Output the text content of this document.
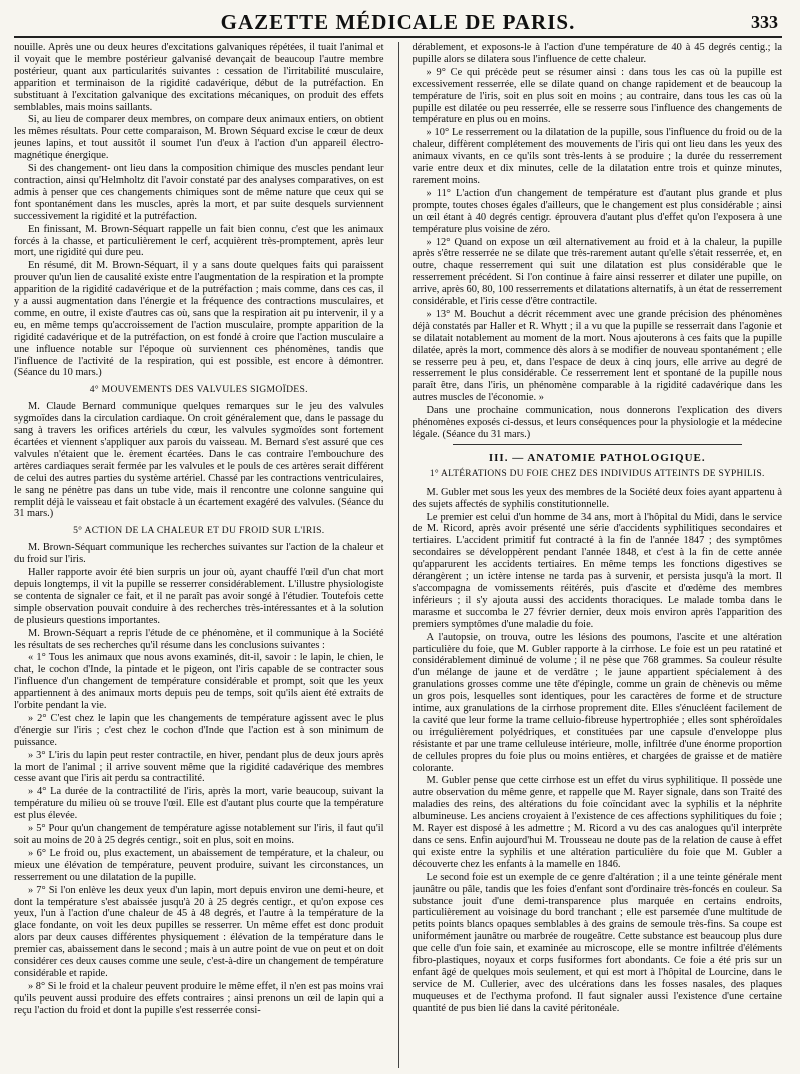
GAZETTE MÉDICALE DE PARIS.	333

nouille. Après une ou deux heures d'excitations galvaniques répétées, il tuait l'animal et il voyait que le membre postérieur galvanisé devançait de beaucoup l'autre membre postérieur, quant aux particularités suivantes : cessation de l'irritabilité musculaire, apparition et terminaison de la rigidité cadavérique, début de la putréfaction. En substituant à l'excitation galvanique des excitations mécaniques, on produit des effets semblables, mais moins saillants.

Si, au lieu de comparer deux membres, on compare deux animaux entiers, on obtient les mêmes résultats. Pour cette comparaison, M. Brown Séquard excise le cœur de deux jeunes lapins, et tout aussitôt il soumet l'un d'eux à l'action d'un appareil électro-magnétique énergique.

Si des changement- ont lieu dans la composition chimique des muscles pendant leur contraction, ainsi qu'Helmholtz dit l'avoir constaté par des analyses comparatives, on est admis à penser que ces changements chimiques sont de même nature que ceux qui se font spontanément dans les muscles, après la mort, et par suite desquels surviennent successivement la rigidité et la putréfaction.

En finissant, M. Brown-Séquart rappelle un fait bien connu, c'est que les animaux forcés à la chasse, et particulièrement le cerf, acquièrent très-promptement, après leur mort, une rigidité qui dure peu.

En résumé, dit M. Brown-Séquart, il y a sans doute quelques faits qui paraissent prouver qu'un lien de causalité existe entre l'augmentation de la respiration et la prompte apparition de la rigidité cadavérique et de la putréfaction ; mais comme, dans ces cas, il y a aussi augmentation dans l'énergie et la fréquence des contractions musculaires, et comme, en outre, il existe d'autres cas où, sans que la respiration ait pu intervenir, il y a eu, en même temps qu'accroissement de l'action musculaire, prompte apparition de la rigidité cadavérique et de la putréfaction, on est fondé à croire que l'action musculaire a une influence notable sur l'époque où surviennent ces phénomènes, tandis que l'influence de l'activité de la respiration, qui est possible, est encore à démontrer. (Séance du 10 mars.)

4° MOUVEMENTS DES VALVULES SIGMOÏDES.

M. Claude Bernard communique quelques remarques sur le jeu des valvules sygmoïdes dans la circulation cardiaque. On croit généralement que, dans le passage du sang à travers les orifices artériels du cœur, les valvules sygmoïdes sont fortement écartées et viennent s'appliquer aux parois du vaisseau. M. Bernard s'est assuré que ces valvules n'étaient que le. èrement écartées. Dans le cas contraire l'embouchure des artères cardiaques serait fermée par les valvules et le pouls de ces artères serait différent de celui des autres parties du système artériel. Chassé par les contractions ventriculaires, le sang ne pénètre pas dans un tube vide, mais il rencontre une colonne sanguine qui remplit déjà le vaisseau et fait obstacle à un écartement exagéré des valvules. (Séance du 31 mars.)

5° ACTION DE LA CHALEUR ET DU FROID SUR L'IRIS.

M. Brown-Séquart communique les recherches suivantes sur l'action de la chaleur et du froid sur l'iris.

Haller rapporte avoir été bien surpris un jour où, ayant chauffé l'œil d'un chat mort depuis longtemps, il vit la pupille se resserrer considérablement. L'illustre physiologiste se contenta de signaler ce fait, et il ne paraît pas avoir songé à l'étudier. Toutefois cette simple observation pouvait conduire à des recherches très-intéressantes et à la solution de plusieurs questions importantes.

M. Brown-Séquart a repris l'étude de ce phénomène, et il communique à la Société les résultats de ses recherches qu'il résume dans les conclusions suivantes :

« 1° Tous les animaux que nous avons examinés, dit-il, savoir : le lapin, le chien, le chat, le cochon d'Inde, la pintade et le pigeon, ont l'iris capable de se contracter sous l'influence d'un changement de température considérable et prompt, soit que les yeux appartiennent à des animaux morts depuis peu de temps, soit qu'ils aient été extraits de l'orbite pendant la vie.

» 2° C'est chez le lapin que les changements de température agissent avec le plus d'énergie sur l'iris ; c'est chez le cochon d'Inde que l'action est à son minimum de puissance.

» 3° L'iris du lapin peut rester contractile, en hiver, pendant plus de deux jours après la mort de l'animal ; il arrive souvent même que la rigidité cadavérique des membres cesse avant que l'iris ait perdu sa contractilité.

» 4° La durée de la contractilité de l'iris, après la mort, varie beaucoup, suivant la température du milieu où se trouve l'œil. Elle est d'autant plus courte que la température est plus élevée.

» 5° Pour qu'un changement de température agisse notablement sur l'iris, il faut qu'il soit au moins de 20 à 25 degrés centigr., soit en plus, soit en moins.

» 6° Le froid ou, plus exactement, un abaissement de température, et la chaleur, ou mieux une élévation de température, peuvent produire, suivant les circonstances, un resserrement ou une dilatation de la pupille.

» 7° Si l'on enlève les deux yeux d'un lapin, mort depuis environ une demi-heure, et dont la température s'est abaissée jusqu'à 20 à 25 degrés centigr., et qu'on expose ces yeux, l'un à l'action d'une chaleur de 45 à 48 degrés, et l'autre à la température de la glace fondante, on voit les deux pupilles se resserrer. Un même effet est donc produit alors par deux causes différentes physiquement : élévation de la température dans le premier cas, abaissement dans le second ; mais à un autre point de vue on peut et on doit considérer ces deux causes comme une seule, c'est-à-dire un changement de température considérable et rapide.

» 8° Si le froid et la chaleur peuvent produire le même effet, il n'en est pas moins vrai qu'ils peuvent aussi produire des effets contraires ; ainsi prenons un œil de lapin qui a reçu l'action du froid et dont la pupille s'est resserrée consi-

dérablement, et exposons-le à l'action d'une température de 40 à 45 degrés centig.; la pupille alors se dilatera sous l'influence de cette chaleur.

» 9° Ce qui précède peut se résumer ainsi : dans tous les cas où la pupille est excessivement resserrée, elle se dilate quand on change rapidement et de beaucoup la température de l'iris, soit en plus soit en moins ; au contraire, dans tous les cas où la pupille est dilatée ou peu resserrée, elle se resserre sous l'influence des changements de température en plus ou en moins.

» 10° Le resserrement ou la dilatation de la pupille, sous l'influence du froid ou de la chaleur, diffèrent complétement des mouvements de l'iris qui ont lieu dans les yeux des animaux vivants, en ce qu'ils sont très-lents à se produire ; la durée du resserrement varie entre deux et dix minutes, celle de la dilatation entre trois et quinze minutes, rarement moins.

» 11° L'action d'un changement de température est d'autant plus grande et plus prompte, toutes choses égales d'ailleurs, que le changement est plus considérable ; ainsi un œil étant à 40 degrés centigr. éprouvera d'autant plus d'effet qu'on l'exposera à une température plus voisine de zéro.

» 12° Quand on expose un œil alternativement au froid et à la chaleur, la pupille après s'être resserrée ne se dilate que très-rarement autant qu'elle s'était resserrée, et, en outre, chaque resserrement qui suit une dilatation est plus considérable que le resserrement précédent. Si l'on continue à faire ainsi resserrer et dilater une pupille, on arrive, après 60, 80, 100 resserrements et dilatations alternatifs, à un état de resserrement considérable, et l'iris cesse d'être contractile.

» 13° M. Bouchut a décrit récemment avec une grande précision des phénomènes déjà constatés par Haller et R. Whytt ; il a vu que la pupille se resserrait dans l'agonie et se dilatait notablement au moment de la mort. Nous ajouterons à ces faits que la pupille dilatée, après la mort, commence dès alors à se modifier de nouveau spontanément ; elle se resserre peu à peu, et, dans l'espace de deux à cinq jours, elle arrive au degré de resserrement le plus considérable. Ce resserrement lent et spontané de la pupille nous paraît être, dans l'iris, un phénomène comparable à la rigidité cadavérique dans les autres muscles de l'économie. »

Dans une prochaine communication, nous donnerons l'explication des divers phénomènes exposés ci-dessus, et leurs conséquences pour la physiologie et la médecine légale. (Séance du 31 mars.)

III. — ANATOMIE PATHOLOGIQUE.
1° ALTÉRATIONS DU FOIE CHEZ DES INDIVIDUS ATTEINTS DE SYPHILIS.

M. Gubler met sous les yeux des membres de la Société deux foies ayant appartenu à des sujets affectés de syphilis constitutionnelle.

Le premier est celui d'un homme de 34 ans, mort à l'hôpital du Midi, dans le service de M. Ricord, après avoir présenté une série d'accidents syphilitiques secondaires et tertiaires. L'accident primitif fut contracté à la fin de l'année 1847 ; des symptômes secondaires se développèrent pendant l'année 1848, et c'est à la fin de cette année qu'apparurent les accidents tertiaires. En même temps les fonctions digestives se dérangèrent ; un ictère intense ne tarda pas à survenir, et persista jusqu'à la mort. Il s'accompagna de vomissements réitérés, puis d'ascite et d'œdème des membres inférieurs ; il s'y ajouta aussi des accidents thoraciques. Le malade tomba dans le marasme et succomba le 27 février dernier, deux mois environ après l'apparition des premiers symptômes d'une maladie du foie.

A l'autopsie, on trouva, outre les lésions des poumons, l'ascite et une altération particulière du foie, que M. Gubler rapporte à la cirrhose. Le foie est un peu ratatiné et considérablement diminué de volume ; il ne pèse que 768 grammes. Sa couleur résulte d'un mélange de jaune et de verdâtre ; le jaune appartient spécialement à des granulations grosses comme une tête d'épingle, comme un grain de chènevis ou même un gros pois, lesquelles sont identiques, pour les caractères de forme et de structure intime, aux granulations de la cirrhose proprement dite. Elles s'énucléent facilement de la cavité que leur forme la trame celluio-fibreuse hypertrophiée ; elles sont sphéroïdales ou irrégulièrement polyédriques, et constituées par une capsule d'enveloppe plus résistante et par une trame celluleuse intérieure, molle, infiltrée d'une énorme proportion de cellules propres du foie plus ou moins entières, et chargées de graisse et de matière colorante.

M. Gubler pense que cette cirrhose est un effet du virus syphilitique. Il possède une autre observation du même genre, et rappelle que M. Rayer signale, dans son Traité des maladies des reins, des altérations du foie coïncidant avec la syphilis et la néphrite albumineuse. Les anciens croyaient à l'existence de ces affections syphilitiques du foie ; M. Rayer est disposé à les admettre ; M. Ricord a vu des cas analogues qu'il interprète dans ce sens. Enfin aujourd'hui M. Trousseau ne doute pas de la relation de cause à effet qui existe entre la syphilis et une altération particulière du foie que M. Gubler a découverte chez les enfants à la mamelle en 1846.

Le second foie est un exemple de ce genre d'altération ; il a une teinte générale ment jaunâtre ou pâle, tandis que les foies d'enfant sont d'ordinaire très-foncés en couleur. Sa substance jouit d'une demi-transparence plus marquée en certains endroits, particulièrement au voisinage du bord tranchant ; elle est parsemée d'une multitude de petits points blancs opaques semblables à des grains de semoule très-fins. Sa coupe est uniformément jaunâtre ou marbrée de rougeâtre. Cette substance est beaucoup plus dure que celle d'un foie sain, et examinée au microscope, elle se montre infiltrée d'éléments fibro-plastiques, noyaux et corps fusiformes fort abondants. Ce foie a été pris sur un enfant âgé de quelques mois seulement, et qui est mort à l'hôpital de Lourcine, dans le service de M. Cullerier, avec des ulcérations dans les fosses nasales, des plaques muqueuses et de l'ecthyma profond. Il faut signaler aussi l'existence d'une certaine quantité de pus bien lié dans la cavité péritonéale.
